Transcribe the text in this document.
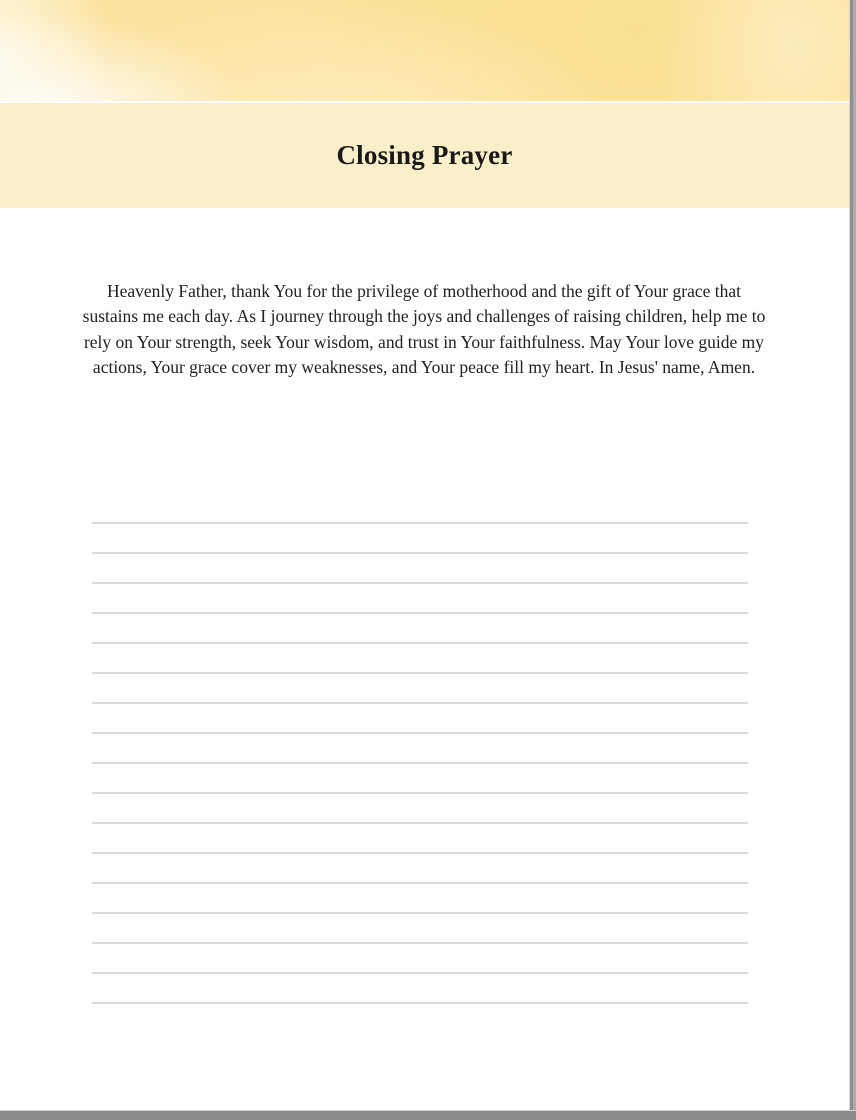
Closing Prayer

Heavenly Father, thank You for the privilege of motherhood and the gift of Your grace that sustains me each day. As I journey through the joys and challenges of raising children, help me to rely on Your strength, seek Your wisdom, and trust in Your faithfulness. May Your love guide my actions, Your grace cover my weaknesses, and Your peace fill my heart. In Jesus' name, Amen.
